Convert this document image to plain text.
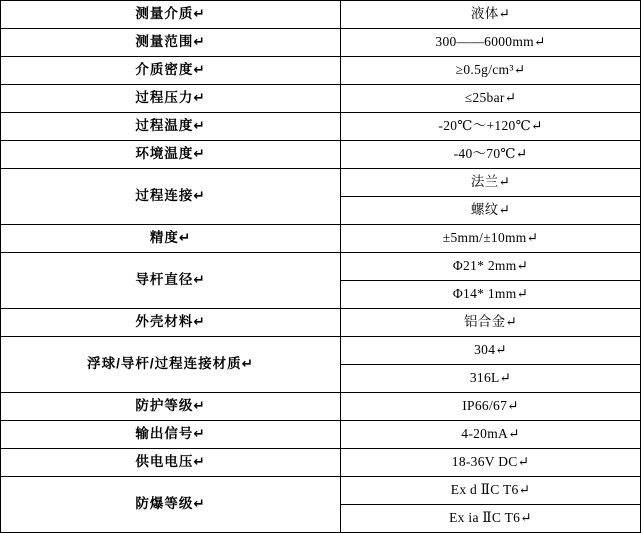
测量介质↵	液体↵
测量范围↵	300——6000mm↵
介质密度↵	≥0.5g/cm³↵
过程压力↵	≤25bar↵
过程温度↵	-20℃～+120℃↵
环境温度↵	-40～70℃↵
过程连接↵	法兰↵
	螺纹↵
精度↵	±5mm/±10mm↵
导杆直径↵	Φ21* 2mm↵
	Φ14* 1mm↵
外壳材料↵	铝合金↵
浮球/导杆/过程连接材质↵	304↵
	316L↵
防护等级↵	IP66/67↵
输出信号↵	4-20mA↵
供电电压↵	18-36V DC↵
防爆等级↵	Ex d ⅡC T6↵
	Ex ia ⅡC T6↵
